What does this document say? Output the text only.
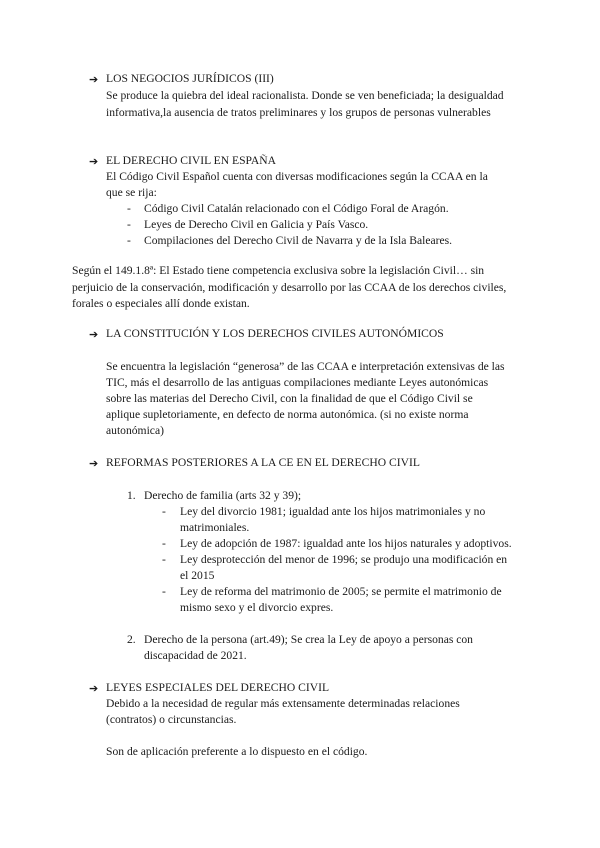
➔ LOS NEGOCIOS JURÍDICOS (III)
Se produce la quiebra del ideal racionalista. Donde se ven beneficiada; la desigualdad
informativa,la ausencia de tratos preliminares y los grupos de personas vulnerables
➔ EL DERECHO CIVIL EN ESPAÑA
El Código Civil Español cuenta con diversas modificaciones según la CCAA en la
que se rija:
- Código Civil Catalán relacionado con el Código Foral de Aragón.
- Leyes de Derecho Civil en Galicia y País Vasco.
- Compilaciones del Derecho Civil de Navarra y de la Isla Baleares.
Según el 149.1.8ª: El Estado tiene competencia exclusiva sobre la legislación Civil… sin
perjuicio de la conservación, modificación y desarrollo por las CCAA de los derechos civiles,
forales o especiales allí donde existan.
➔ LA CONSTITUCIÓN Y LOS DERECHOS CIVILES AUTONÓMICOS
Se encuentra la legislación “generosa” de las CCAA e interpretación extensivas de las
TIC, más el desarrollo de las antiguas compilaciones mediante Leyes autonómicas
sobre las materias del Derecho Civil, con la finalidad de que el Código Civil se
aplique supletoriamente, en defecto de norma autonómica. (si no existe norma
autonómica)
➔ REFORMAS POSTERIORES A LA CE EN EL DERECHO CIVIL
1. Derecho de familia (arts 32 y 39);
- Ley del divorcio 1981; igualdad ante los hijos matrimoniales y no
matrimoniales.
- Ley de adopción de 1987: igualdad ante los hijos naturales y adoptivos.
- Ley desprotección del menor de 1996; se produjo una modificación en
el 2015
- Ley de reforma del matrimonio de 2005; se permite el matrimonio de
mismo sexo y el divorcio expres.
2. Derecho de la persona (art.49); Se crea la Ley de apoyo a personas con
discapacidad de 2021.
➔ LEYES ESPECIALES DEL DERECHO CIVIL
Debido a la necesidad de regular más extensamente determinadas relaciones
(contratos) o circunstancias.
Son de aplicación preferente a lo dispuesto en el código.
